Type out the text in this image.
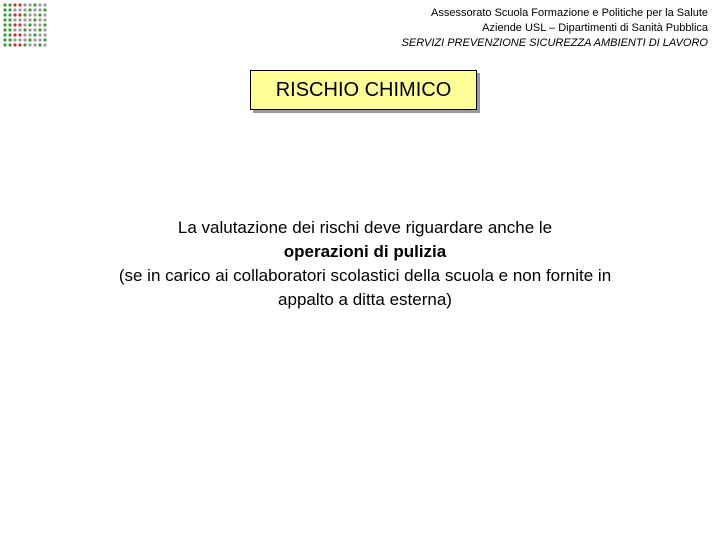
Assessorato Scuola Formazione e Politiche per la Salute
Aziende USL – Dipartimenti di Sanità Pubblica
SERVIZI PREVENZIONE SICUREZZA AMBIENTI DI LAVORO
RISCHIO CHIMICO
La valutazione dei rischi deve riguardare anche le
operazioni di pulizia
(se in carico ai collaboratori scolastici della scuola e non fornite in
appalto a ditta esterna)
